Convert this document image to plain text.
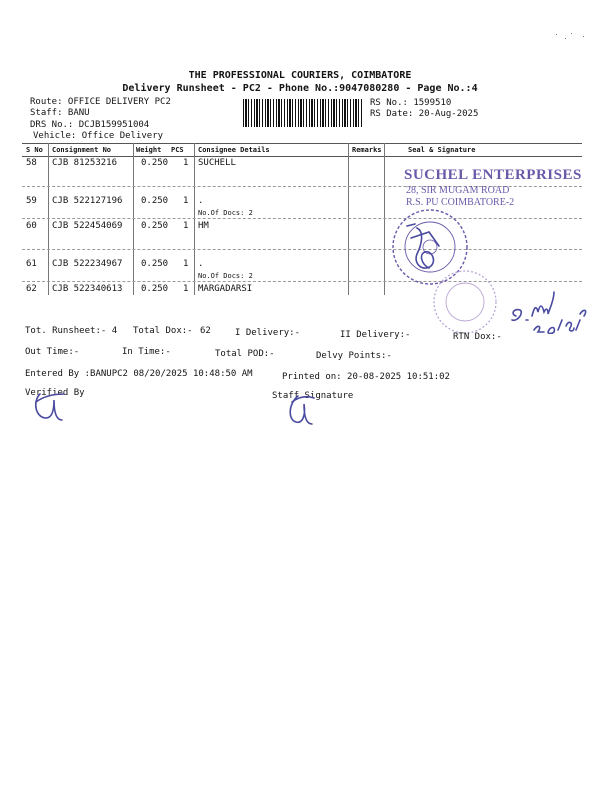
THE PROFESSIONAL COURIERS, COIMBATORE
Delivery Runsheet - PC2 - Phone No.:9047080280 - Page No.:4
Route: OFFICE DELIVERY PC2
Staff: BANU
DRS No.: DCJB159951004
Vehicle: Office Delivery
RS No.: 1599510
RS Date: 20-Aug-2025
S No Consignment No	Weight PCS Consignee Details	Remarks	Seal & Signature
58 CJB 81253216	0.250 1 SUCHELL
59 CJB 522127196 0.250 1 .
No.Of Docs: 2
60 CJB 522454069 0.250 1 HM
61 CJB 522234967 0.250 1 .
No.Of Docs: 2
62 CJB 522340613 0.250 1 MARGADARSI
SUCHEL ENTERPRISES
28, SIR MUGAM ROAD
R.S. PU COIMBATORE-2
Tot. Runsheet:- 4 Total Dox:- 62	I Delivery:-	II Delivery:-	RTN Dox:-
Out Time:-	In Time:-	Total POD:-	Delvy Points:-
Entered By :BANUPC2 08/20/2025 10:48:50 AM	Printed on: 20-08-2025 10:51:02
Verified By	Staff Signature
